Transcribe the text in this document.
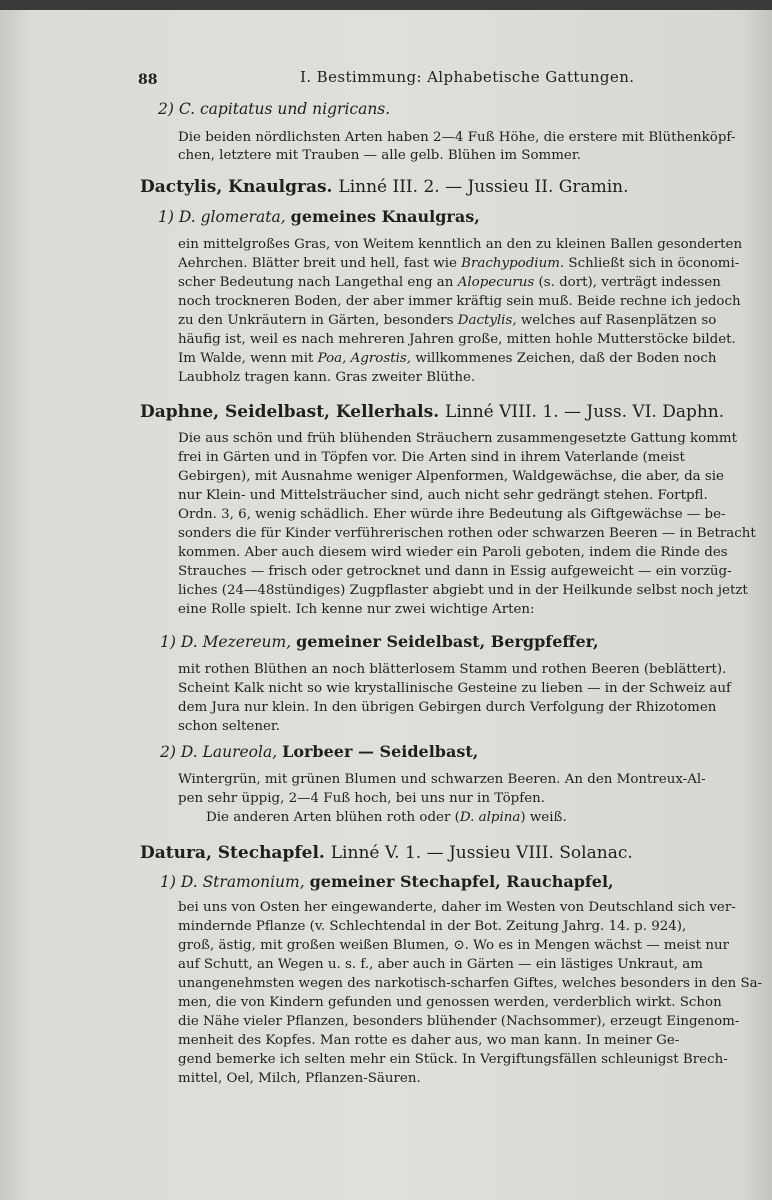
88	I. Bestimmung: Alphabetische Gattungen.
2) C. capitatus und nigricans.
Die beiden nördlichsten Arten haben 2—4 Fuß Höhe, die erstere mit Blüthenköpf-
chen, letztere mit Trauben — alle gelb. Blühen im Sommer.
Dactylis, Knaulgras. Linné III. 2. — Jussieu II. Gramin.
1) D. glomerata, gemeines Knaulgras,
ein mittelgroßes Gras, von Weitem kenntlich an den zu kleinen Ballen gesonderten
Aehrchen. Blätter breit und hell, fast wie Brachypodium. Schließt sich in öconomi-
scher Bedeutung nach Langethal eng an Alopecurus (s. dort), verträgt indessen
noch trockneren Boden, der aber immer kräftig sein muß. Beide rechne ich jedoch
zu den Unkräutern in Gärten, besonders Dactylis, welches auf Rasenplätzen so
häufig ist, weil es nach mehreren Jahren große, mitten hohle Mutterstöcke bildet.
Im Walde, wenn mit Poa, Agrostis, willkommenes Zeichen, daß der Boden noch
Laubholz tragen kann. Gras zweiter Blüthe.
Daphne, Seidelbast, Kellerhals. Linné VIII. 1. — Juss. VI. Daphn.
Die aus schön und früh blühenden Sträuchern zusammengesetzte Gattung kommt
frei in Gärten und in Töpfen vor. Die Arten sind in ihrem Vaterlande (meist
Gebirgen), mit Ausnahme weniger Alpenformen, Waldgewächse, die aber, da sie
nur Klein- und Mittelsträucher sind, auch nicht sehr gedrängt stehen. Fortpfl.
Ordn. 3, 6, wenig schädlich. Eher würde ihre Bedeutung als Giftgewächse — be-
sonders die für Kinder verführerischen rothen oder schwarzen Beeren — in Betracht
kommen. Aber auch diesem wird wieder ein Paroli geboten, indem die Rinde des
Strauches — frisch oder getrocknet und dann in Essig aufgeweicht — ein vorzüg-
liches (24—48stündiges) Zugpflaster abgiebt und in der Heilkunde selbst noch jetzt
eine Rolle spielt. Ich kenne nur zwei wichtige Arten:
1) D. Mezereum, gemeiner Seidelbast, Bergpfeffer,
mit rothen Blüthen an noch blätterlosem Stamm und rothen Beeren (beblättert).
Scheint Kalk nicht so wie krystallinische Gesteine zu lieben — in der Schweiz auf
dem Jura nur klein. In den übrigen Gebirgen durch Verfolgung der Rhizotomen
schon seltener.
2) D. Laureola, Lorbeer — Seidelbast,
Wintergrün, mit grünen Blumen und schwarzen Beeren. An den Montreux-Al-
pen sehr üppig, 2—4 Fuß hoch, bei uns nur in Töpfen.
Die anderen Arten blühen roth oder (D. alpina) weiß.
Datura, Stechapfel. Linné V. 1. — Jussieu VIII. Solanac.
1) D. Stramonium, gemeiner Stechapfel, Rauchapfel,
bei uns von Osten her eingewanderte, daher im Westen von Deutschland sich ver-
mindernde Pflanze (v. Schlechtendal in der Bot. Zeitung Jahrg. 14. p. 924),
groß, ästig, mit großen weißen Blumen, ⊙. Wo es in Mengen wächst — meist nur
auf Schutt, an Wegen u. s. f., aber auch in Gärten — ein lästiges Unkraut, am
unangenehmsten wegen des narkotisch-scharfen Giftes, welches besonders in den Sa-
men, die von Kindern gefunden und genossen werden, verderblich wirkt. Schon
die Nähe vieler Pflanzen, besonders blühender (Nachsommer), erzeugt Eingenom-
menheit des Kopfes. Man rotte es daher aus, wo man kann. In meiner Ge-
gend bemerke ich selten mehr ein Stück. In Vergiftungsfällen schleunigst Brech-
mittel, Oel, Milch, Pflanzen-Säuren.
